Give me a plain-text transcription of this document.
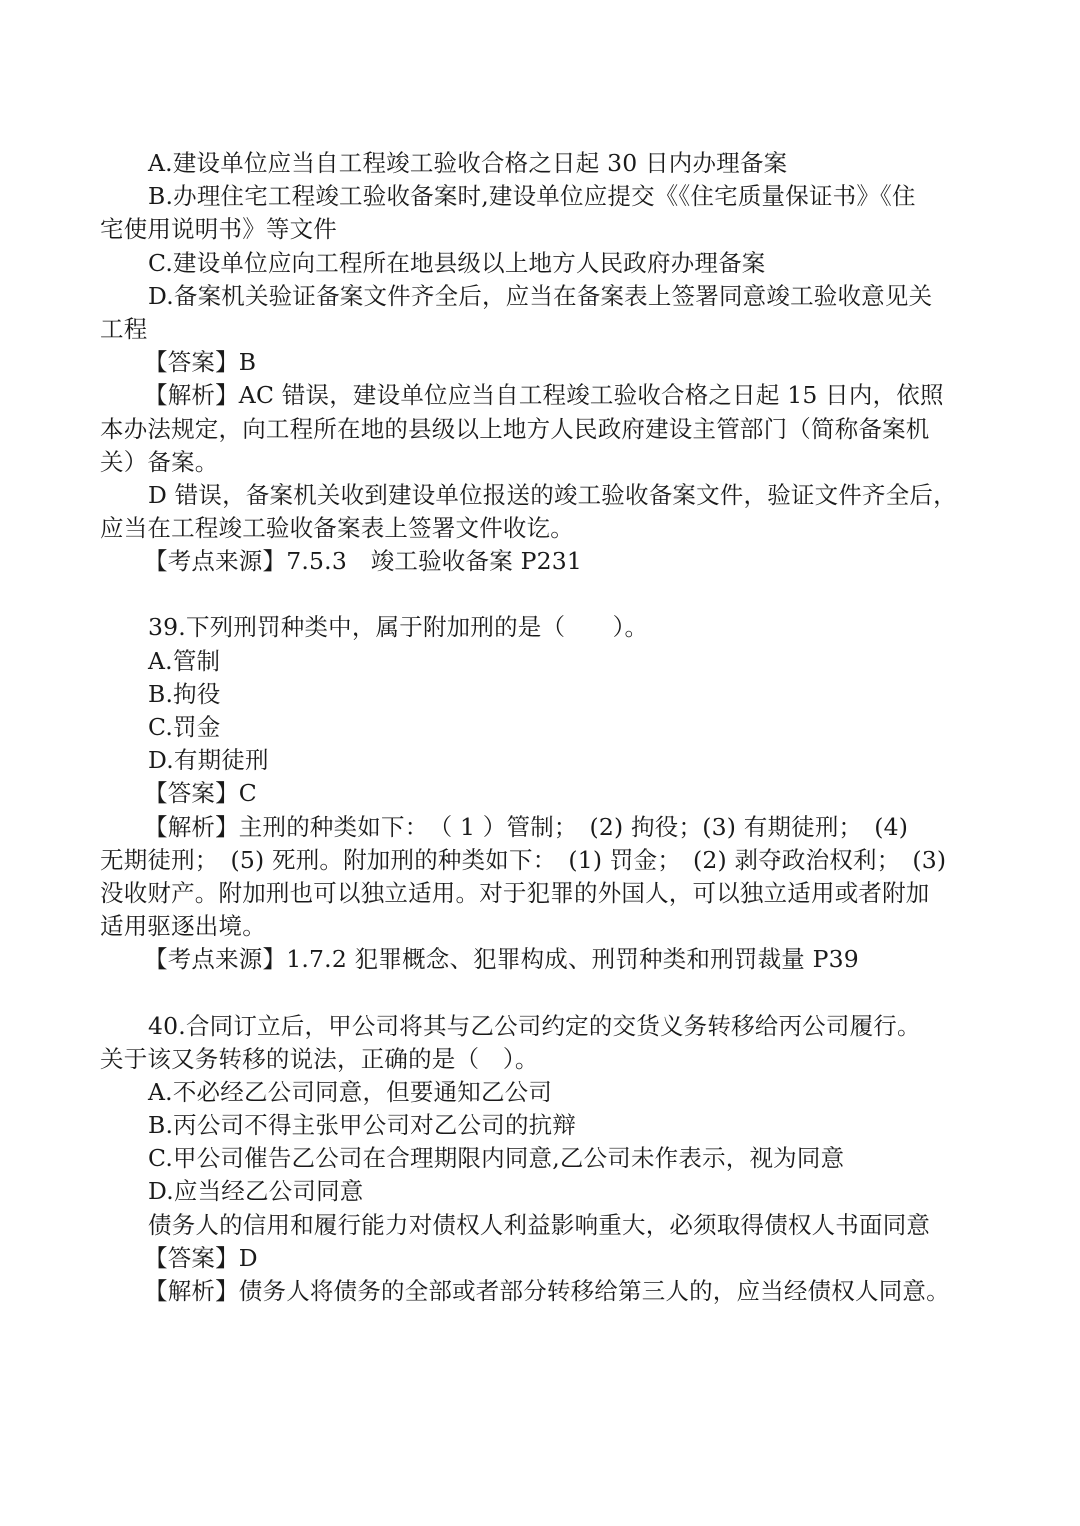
A.建设单位应当自工程竣工验收合格之日起 30 日内办理备案
B.办理住宅工程竣工验收备案时,建设单位应提交《《住宅质量保证书》《住
宅使用说明书》等文件
C.建设单位应向工程所在地县级以上地方人民政府办理备案
D.备案机关验证备案文件齐全后，应当在备案表上签署同意竣工验收意见关
工程
【答案】B
【解析】AC 错误，建设单位应当自工程竣工验收合格之日起 15 日内，依照
本办法规定，向工程所在地的县级以上地方人民政府建设主管部门（简称备案机
关）备案。
D 错误，备案机关收到建设单位报送的竣工验收备案文件，验证文件齐全后，
应当在工程竣工验收备案表上签署文件收讫。
【考点来源】7.5.3　竣工验收备案 P231
39.下列刑罚种类中，属于附加刑的是（　　）。
A.管制
B.拘役
C.罚金
D.有期徒刑
【答案】C
【解析】主刑的种类如下：　（ 1 ）管制；　(2) 拘役；(3) 有期徒刑；　(4)
无期徒刑；　(5) 死刑。附加刑的种类如下：　(1) 罚金；　(2) 剥夺政治权利；　(3)
没收财产。附加刑也可以独立适用。对于犯罪的外国人，可以独立适用或者附加
适用驱逐出境。
【考点来源】1.7.2 犯罪概念、犯罪构成、刑罚种类和刑罚裁量 P39
40.合同订立后，甲公司将其与乙公司约定的交货义务转移给丙公司履行。
关于该又务转移的说法，正确的是（　）。
A.不必经乙公司同意，但要通知乙公司
B.丙公司不得主张甲公司对乙公司的抗辩
C.甲公司催告乙公司在合理期限内同意,乙公司未作表示，视为同意
D.应当经乙公司同意
债务人的信用和履行能力对债权人利益影响重大，必须取得债权人书面同意
【答案】D
【解析】债务人将债务的全部或者部分转移给第三人的，应当经债权人同意。
